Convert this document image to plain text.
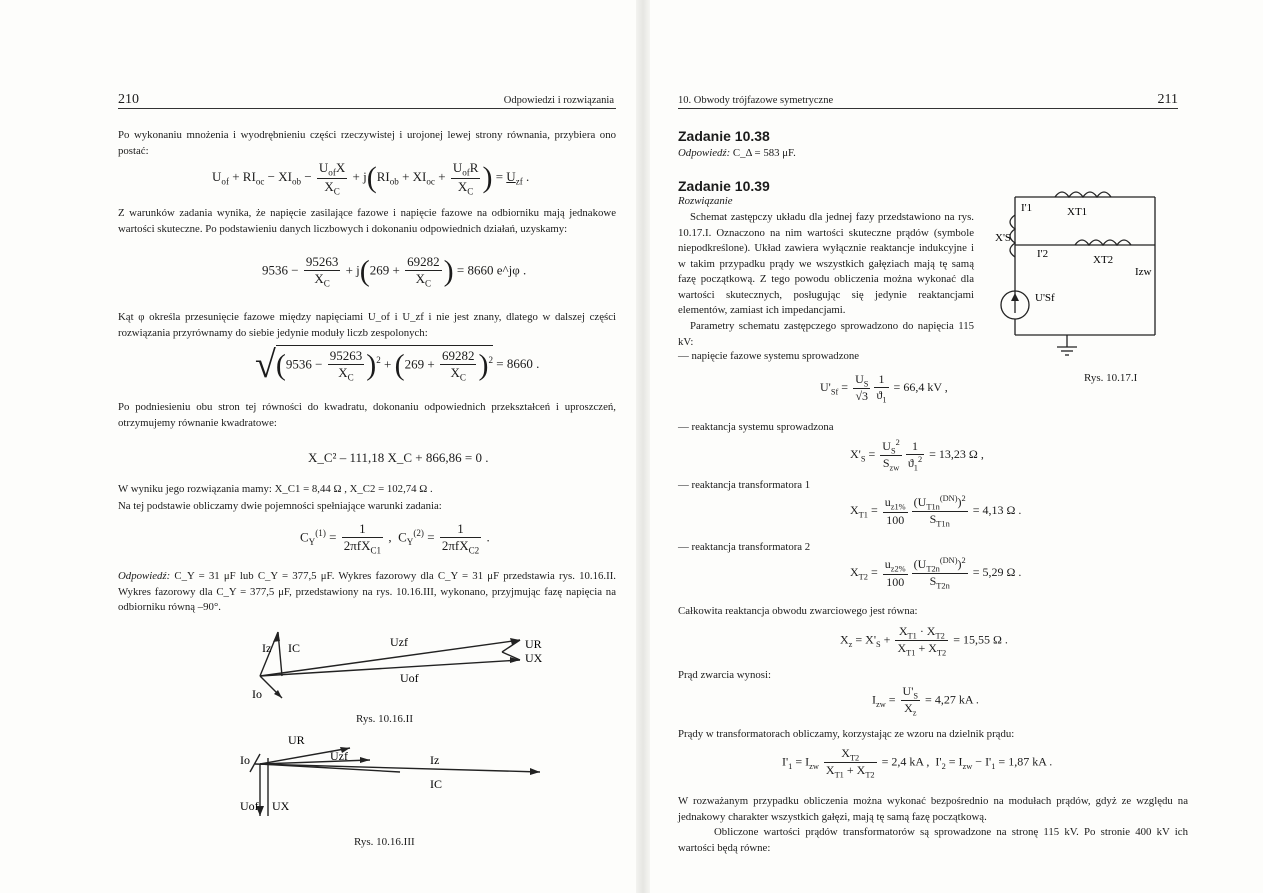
210	Odpowiedzi i rozwiązania

Po wykonaniu mnożenia i wyodrębnieniu części rzeczywistej i urojonej lewej strony równania, przybiera ono postać:

$U_{of} + RI_{oc} - XI_{ob} - \frac{U_{of}X}{X_C} + j(RI_{ob} + XI_{oc} + \frac{U_{of}R}{X_C}$ ) = $U_{zf}$ .

Z warunków zadania wynika, że napięcie zasilające fazowe i napięcie fazowe na odbiorniku mają jednakowe wartości skuteczne. Po podstawieniu danych liczbowych i dokonaniu odpowiednich działań, uzyskamy:

$9536 - \frac{95263}{X_C} + j(269 + \frac{69282}{X_C}$ ) = 8660 e^jφ .

Kąt φ określa przesunięcie fazowe między napięciami U_of i U_zf i nie jest znany, dlatego w dalszej części rozwiązania przyrównamy do siebie jedynie moduły liczb zespolonych:

$√(9536 - \frac{95263}{X_C} )^2 + (269 + \frac{69282}{X_C} )^2 = 8660$ .

Po podniesieniu obu stron tej równości do kwadratu, dokonaniu odpowiednich przekształceń i uproszczeń, otrzymujemy równanie kwadratowe:

X_C² – 111,18 X_C + 866,86 = 0 .

W wyniku jego rozwiązania mamy: X_C1 = 8,44 Ω , X_C2 = 102,74 Ω .

Na tej podstawie obliczamy dwie pojemności spełniające warunki zadania:

$C_Y^{(1)} = \frac{1}{2\pi fX_{C1}}$ ,  $C_Y^{(2)} = \frac{1}{2\pi fX_{C2}}$ .

Odpowiedź: C_Y = 31 μF lub C_Y = 377,5 μF. Wykres fazorowy dla C_Y = 31 μF przedstawia rys. 10.16.II. Wykres fazorowy dla C_Y = 377,5 μF, przedstawiony na rys. 10.16.III, wykonano, przyjmując fazę napięcia na odbiorniku równą –90°.

Iz IC	Uzf	UR
UX
Io
Uof
Rys. 10.16.II
UR
Io	Uzf	Iz
IC
Uof UX
Rys. 10.16.III
10. Obwody trójfazowe symetryczne	211
Zadanie 10.38
Odpowiedź: C_Δ = 583 μF.
Zadanie 10.39
Rozwiązanie

Schemat zastępczy układu dla jednej fazy przedstawiono na rys. 10.17.I. Oznaczono na nim wartości skuteczne prądów (symbole niepodkreślone). Układ zawiera wyłącznie reaktancje indukcyjne i w takim przypadku prądy we wszystkich gałęziach mają tę samą fazę początkową. Z tego powodu obliczenia można wykonać dla wartości skutecznych, posługując się jedynie reaktancjami elementów, zamiast ich impedancjami.

Parametry schematu zastępczego sprowadzono do napięcia 115 kV:

— napięcie fazowe systemu sprowadzone

I'1	XT1
X'S
I'2	XT2
Izw
U'Sf
Rys. 10.17.I
$U'_{Sf} = \frac{U_S}{√3} \frac{1}{ϑ_1} = 66,4$ kV ,

— reaktancja systemu sprowadzona

$X'_S = \frac{U_S^2}{S_{zw}} \frac{1}{ϑ_1^2} = 13,23$ Ω ,

— reaktancja transformatora 1

$X_{T1} = \frac{u_{z1\%}}{100} \frac{(U_{T1n}^{(DN)})^2}{S_{T1n}} = 4,13$ Ω .

— reaktancja transformatora 2

$X_{T2} = \frac{u_{z2\%}}{100} \frac{(U_{T2n}^{(DN)})^2}{S_{T2n}} = 5,29$ Ω .

Całkowita reaktancja obwodu zwarciowego jest równa:

$X_z = X'_S + \frac{X_{T1} \cdot X_{T2}}{X_{T1} + X_{T2}} = 15,55$ Ω .

Prąd zwarcia wynosi:

$I_{zw} = \frac{U'_S}{X_z} = 4,27$ kA .

Prądy w transformatorach obliczamy, korzystając ze wzoru na dzielnik prądu:

$I'_1 = I_{zw} \frac{X_{T2}}{X_{T1} + X_{T2}} = 2,4$ kA ,  $I'_2 = I_{zw} - I'_1 = 1,87$ kA .

W rozważanym przypadku obliczenia można wykonać bezpośrednio na modułach prądów, gdyż ze względu na jednakowy charakter wszystkich gałęzi, mają tę samą fazę początkową.

Obliczone wartości prądów transformatorów są sprowadzone na stronę 115 kV. Po stronie 400 kV ich wartości będą równe:
